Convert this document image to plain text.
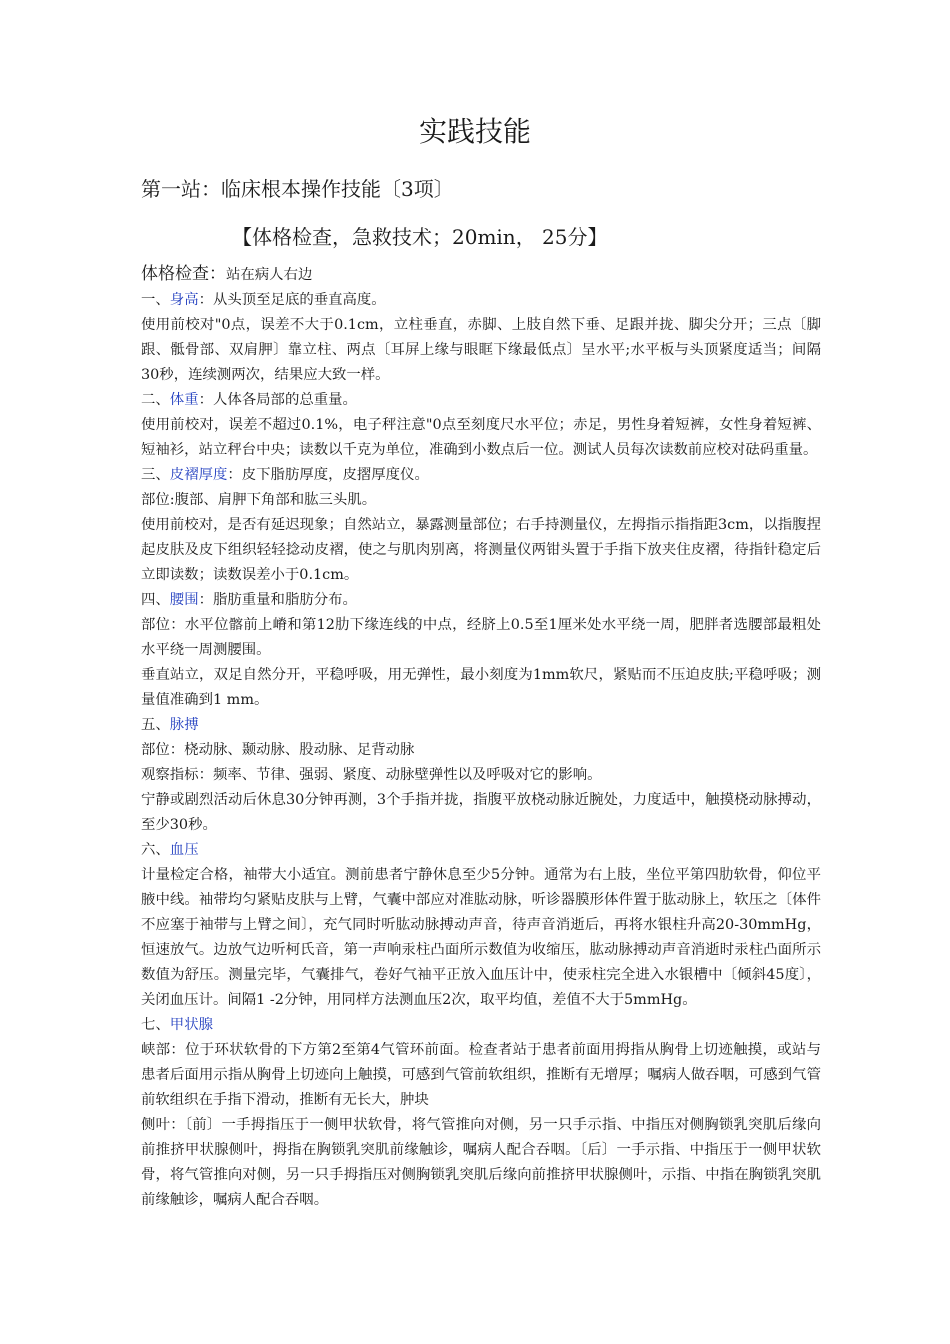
实践技能
第一站：临床根本操作技能〔3项〕
【体格检查，急救技术；20min， 25分】

体格检查：站在病人右边

一、身高：从头顶至足底的垂直高度。

使用前校对"0点，误差不大于0.1cm，立柱垂直，赤脚、上肢自然下垂、足跟并拢、脚尖分开；三点〔脚跟、骶骨部、双肩胛〕靠立柱、两点〔耳屏上缘与眼眶下缘最低点〕呈水平;水平板与头顶紧度适当；间隔30秒，连续测两次，结果应大致一样。

二、体重：人体各局部的总重量。

使用前校对，误差不超过0.1%，电子秤注意"0点至刻度尺水平位；赤足，男性身着短裤，女性身着短裤、短袖衫，站立秤台中央；读数以千克为单位，准确到小数点后一位。测试人员每次读数前应校对砝码重量。

三、皮褶厚度：皮下脂肪厚度，皮摺厚度仪。

部位:腹部、肩胛下角部和肱三头肌。

使用前校对，是否有延迟现象；自然站立，暴露测量部位；右手持测量仪，左拇指示指指距3cm，以指腹捏起皮肤及皮下组织轻轻捻动皮褶，使之与肌肉别离，将测量仪两钳头置于手指下放夹住皮褶，待指针稳定后立即读数；读数误差小于0.1cm。

四、腰围：脂肪重量和脂肪分布。

部位：水平位髂前上嵴和第12肋下缘连线的中点，经脐上0.5至1厘米处水平绕一周，肥胖者选腰部最粗处水平绕一周测腰围。

垂直站立，双足自然分开，平稳呼吸，用无弹性，最小刻度为1mm软尺，紧贴而不压迫皮肤;平稳呼吸；测量值准确到1 mm。

五、脉搏

部位：桡动脉、颞动脉、股动脉、足背动脉

观察指标：频率、节律、强弱、紧度、动脉壁弹性以及呼吸对它的影响。

宁静或剧烈活动后休息30分钟再测，3个手指并拢，指腹平放桡动脉近腕处，力度适中，触摸桡动脉搏动，至少30秒。

六、血压

计量检定合格，袖带大小适宜。测前患者宁静休息至少5分钟。通常为右上肢，坐位平第四肋软骨，仰位平腋中线。袖带均匀紧贴皮肤与上臂，气囊中部应对准肱动脉，听诊器膜形体件置于肱动脉上，软压之〔体件不应塞于袖带与上臂之间〕，充气同时听肱动脉搏动声音，待声音消逝后，再将水银柱升高20-30mmHg，恒速放气。边放气边听柯氏音，第一声响汞柱凸面所示数值为收缩压，肱动脉搏动声音消逝时汞柱凸面所示数值为舒压。测量完毕，气囊排气，卷好气袖平正放入血压计中，使汞柱完全进入水银槽中〔倾斜45度〕，关闭血压计。间隔1 -2分钟，用同样方法测血压2次，取平均值，差值不大于5mmHg。

七、甲状腺

峡部：位于环状软骨的下方第2至第4气管环前面。检查者站于患者前面用拇指从胸骨上切迹触摸，或站与患者后面用示指从胸骨上切迹向上触摸，可感到气管前软组织，推断有无增厚；嘱病人做吞咽，可感到气管前软组织在手指下滑动，推断有无长大，肿块

侧叶：〔前〕一手拇指压于一侧甲状软骨，将气管推向对侧，另一只手示指、中指压对侧胸锁乳突肌后缘向前推挤甲状腺侧叶，拇指在胸锁乳突肌前缘触诊，嘱病人配合吞咽。〔后〕一手示指、中指压于一侧甲状软骨，将气管推向对侧，另一只手拇指压对侧胸锁乳突肌后缘向前推挤甲状腺侧叶，示指、中指在胸锁乳突肌前缘触诊，嘱病人配合吞咽。
